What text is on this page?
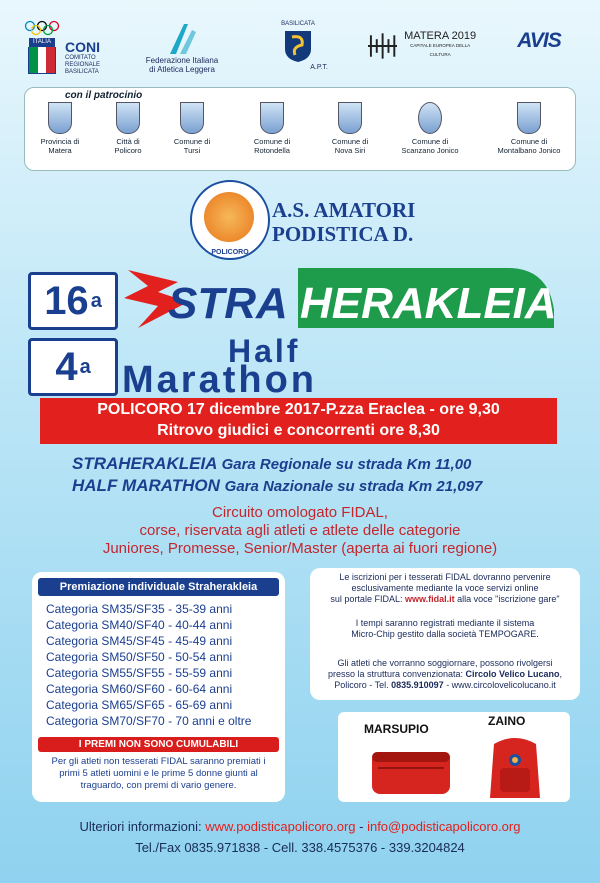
ITALIA CONI
COMITATO
REGIONALE
BASILICATA
Federazione Italiana
di Atletica Leggera
BASILICATA
A.P.T.
MATERA 2019
CAPITALE EUROPEA DELLA CULTURA
AVIS
con il patrocinio
Provincia di
Matera
Città di
Policoro
Comune di
Tursi
Comune di
Rotondella
Comune di
Nova Siri
Comune di
Scanzano Jonico
Comune di
Montalbano Jonico
POLICORO
A.S. AMATORI
PODISTICA D.
16 a
4 a
STRA HERAKLEIA
Half
Marathon
POLICORO 17 dicembre 2017-P.zza Eraclea - ore 9,30
Ritrovo giudici e concorrenti ore 8,30
STRAHERAKLEIA Gara Regionale su strada Km 11,00
HALF MARATHON Gara Nazionale su strada Km 21,097
Circuito omologato FIDAL,
corse, riservata agli atleti e atlete delle categorie
Juniores, Promesse, Senior/Master (aperta ai fuori regione)
Premiazione individuale Straherakleia
Categoria SM35/SF35 - 35-39 anni
Categoria SM40/SF40 - 40-44 anni
Categoria SM45/SF45 - 45-49 anni
Categoria SM50/SF50 - 50-54 anni
Categoria SM55/SF55 - 55-59 anni
Categoria SM60/SF60 - 60-64 anni
Categoria SM65/SF65 - 65-69 anni
Categoria SM70/SF70 - 70 anni e oltre
I PREMI NON SONO CUMULABILI
Per gli atleti non tesserati FIDAL saranno premiati i
primi 5 atleti uomini e le prime 5 donne giunti al
traguardo, con premi di vario genere.
Le iscrizioni per i tesserati FIDAL dovranno pervenire
esclusivamente mediante la voce servizi online
sul portale FIDAL: www.fidal.it alla voce "iscrizione gare"
I tempi saranno registrati mediante il sistema
Micro-Chip gestito dalla società TEMPOGARE.
Gli atleti che vorranno soggiornare, possono rivolgersi
presso la struttura convenzionata: Circolo Velico Lucano,
Policoro - Tel. 0835.910097 - www.circolovelicolucano.it
MARSUPIO
ZAINO
Ulteriori informazioni: www.podisticapolicoro.org - info@podisticapolicoro.org
Tel./Fax 0835.971838 - Cell. 338.4575376 - 339.3204824
